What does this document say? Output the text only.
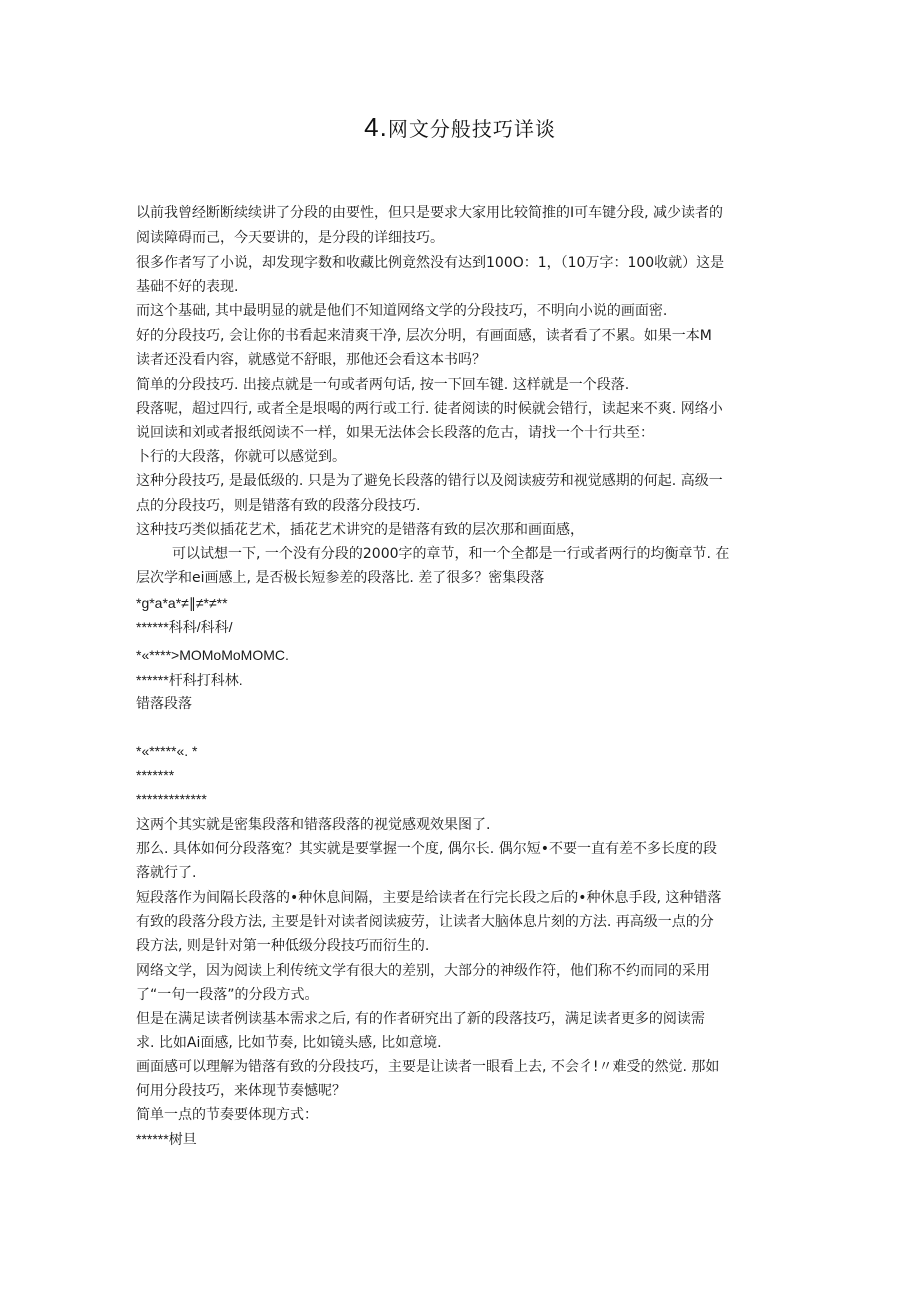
4.网文分般技巧详谈
以前我曾经断断续续讲了分段的由要性，但只是要求大家用比较简推的I可车键分段, 减少读者的
阅读障碍而己，今天要讲的，是分段的详细技巧。
很多作者写了小说，却发现字数和收藏比例竟然没有达到100O：1，（10万字：100收就）这是
基础不好的表现.
而这个基础, 其中最明显的就是他们不知道网络文学的分段技巧，不明向小说的画面密.
好的分段技巧, 会让你的书看起来清爽干净, 层次分明，有画面感，读者看了不累。如果一本M
读者还没看内容，就感觉不舒眼，那他还会看这本书吗？
简单的分段技巧. 出接点就是一句或者两句话, 按一下回车键. 这样就是一个段落.
段落呢，超过四行, 或者全是垠喝的两行或工行. 徒者阅读的时候就会错行，读起来不爽. 网络小
说回读和刘或者报纸阅读不一样，如果无法体会长段落的危古，请找一个十行共至：
卜行的大段落，你就可以感觉到。
这种分段技巧, 是最低级的. 只是为了避免长段落的错行以及阅读疲劳和视觉感期的何起. 高级一
点的分段技巧，则是错落有致的段落分段技巧.
这种技巧类似插花艺术，插花艺术讲究的是错落有致的层次那和画面感，
可以试想一下, 一个没有分段的2000字的章节，和一个全都是一行或者两行的均衡章节. 在
层次学和ei画感上, 是否极长短参差的段落比. 差了很多？密集段落
*g*a*a*≠∥≠*≠**
******科科/科科/
*«****>MOMoMoMOMC.
******杆科打科林.
错落段落
*«*****«. *
*******
*************
这两个其实就是密集段落和错落段落的视觉感观效果图了.
那么. 具体如何分段落寃？其实就是要掌握一个度, 偶尔长. 偶尔短•不要一直有差不多长度的段
落就行了.
短段落作为间隔长段落的•种休息间隔，主要是给读者在行完长段之后的•种休息手段, 这种错落
有致的段落分段方法, 主要是针对读者阅读疲劳，让读者大脑体息片刻的方法. 再高级一点的分
段方法, 则是针对第一种低级分段技巧而衍生的.
网络文学，因为阅读上利传统文学有很大的差别，大部分的神级作符，他们称不约而同的采用
了“一句一段落”的分段方式。
但是在满足读者例读基本需求之后, 有的作者研究出了新的段落技巧，满足读者更多的阅读需
求. 比如Ai面感, 比如节奏, 比如镜头感, 比如意境.
画面感可以理解为错落有致的分段技巧，主要是让读者一眼看上去, 不会彳!〃难受的然觉. 那如
何用分段技巧，来体现节奏憾呢？
简单一点的节奏要体现方式：
******树旦
